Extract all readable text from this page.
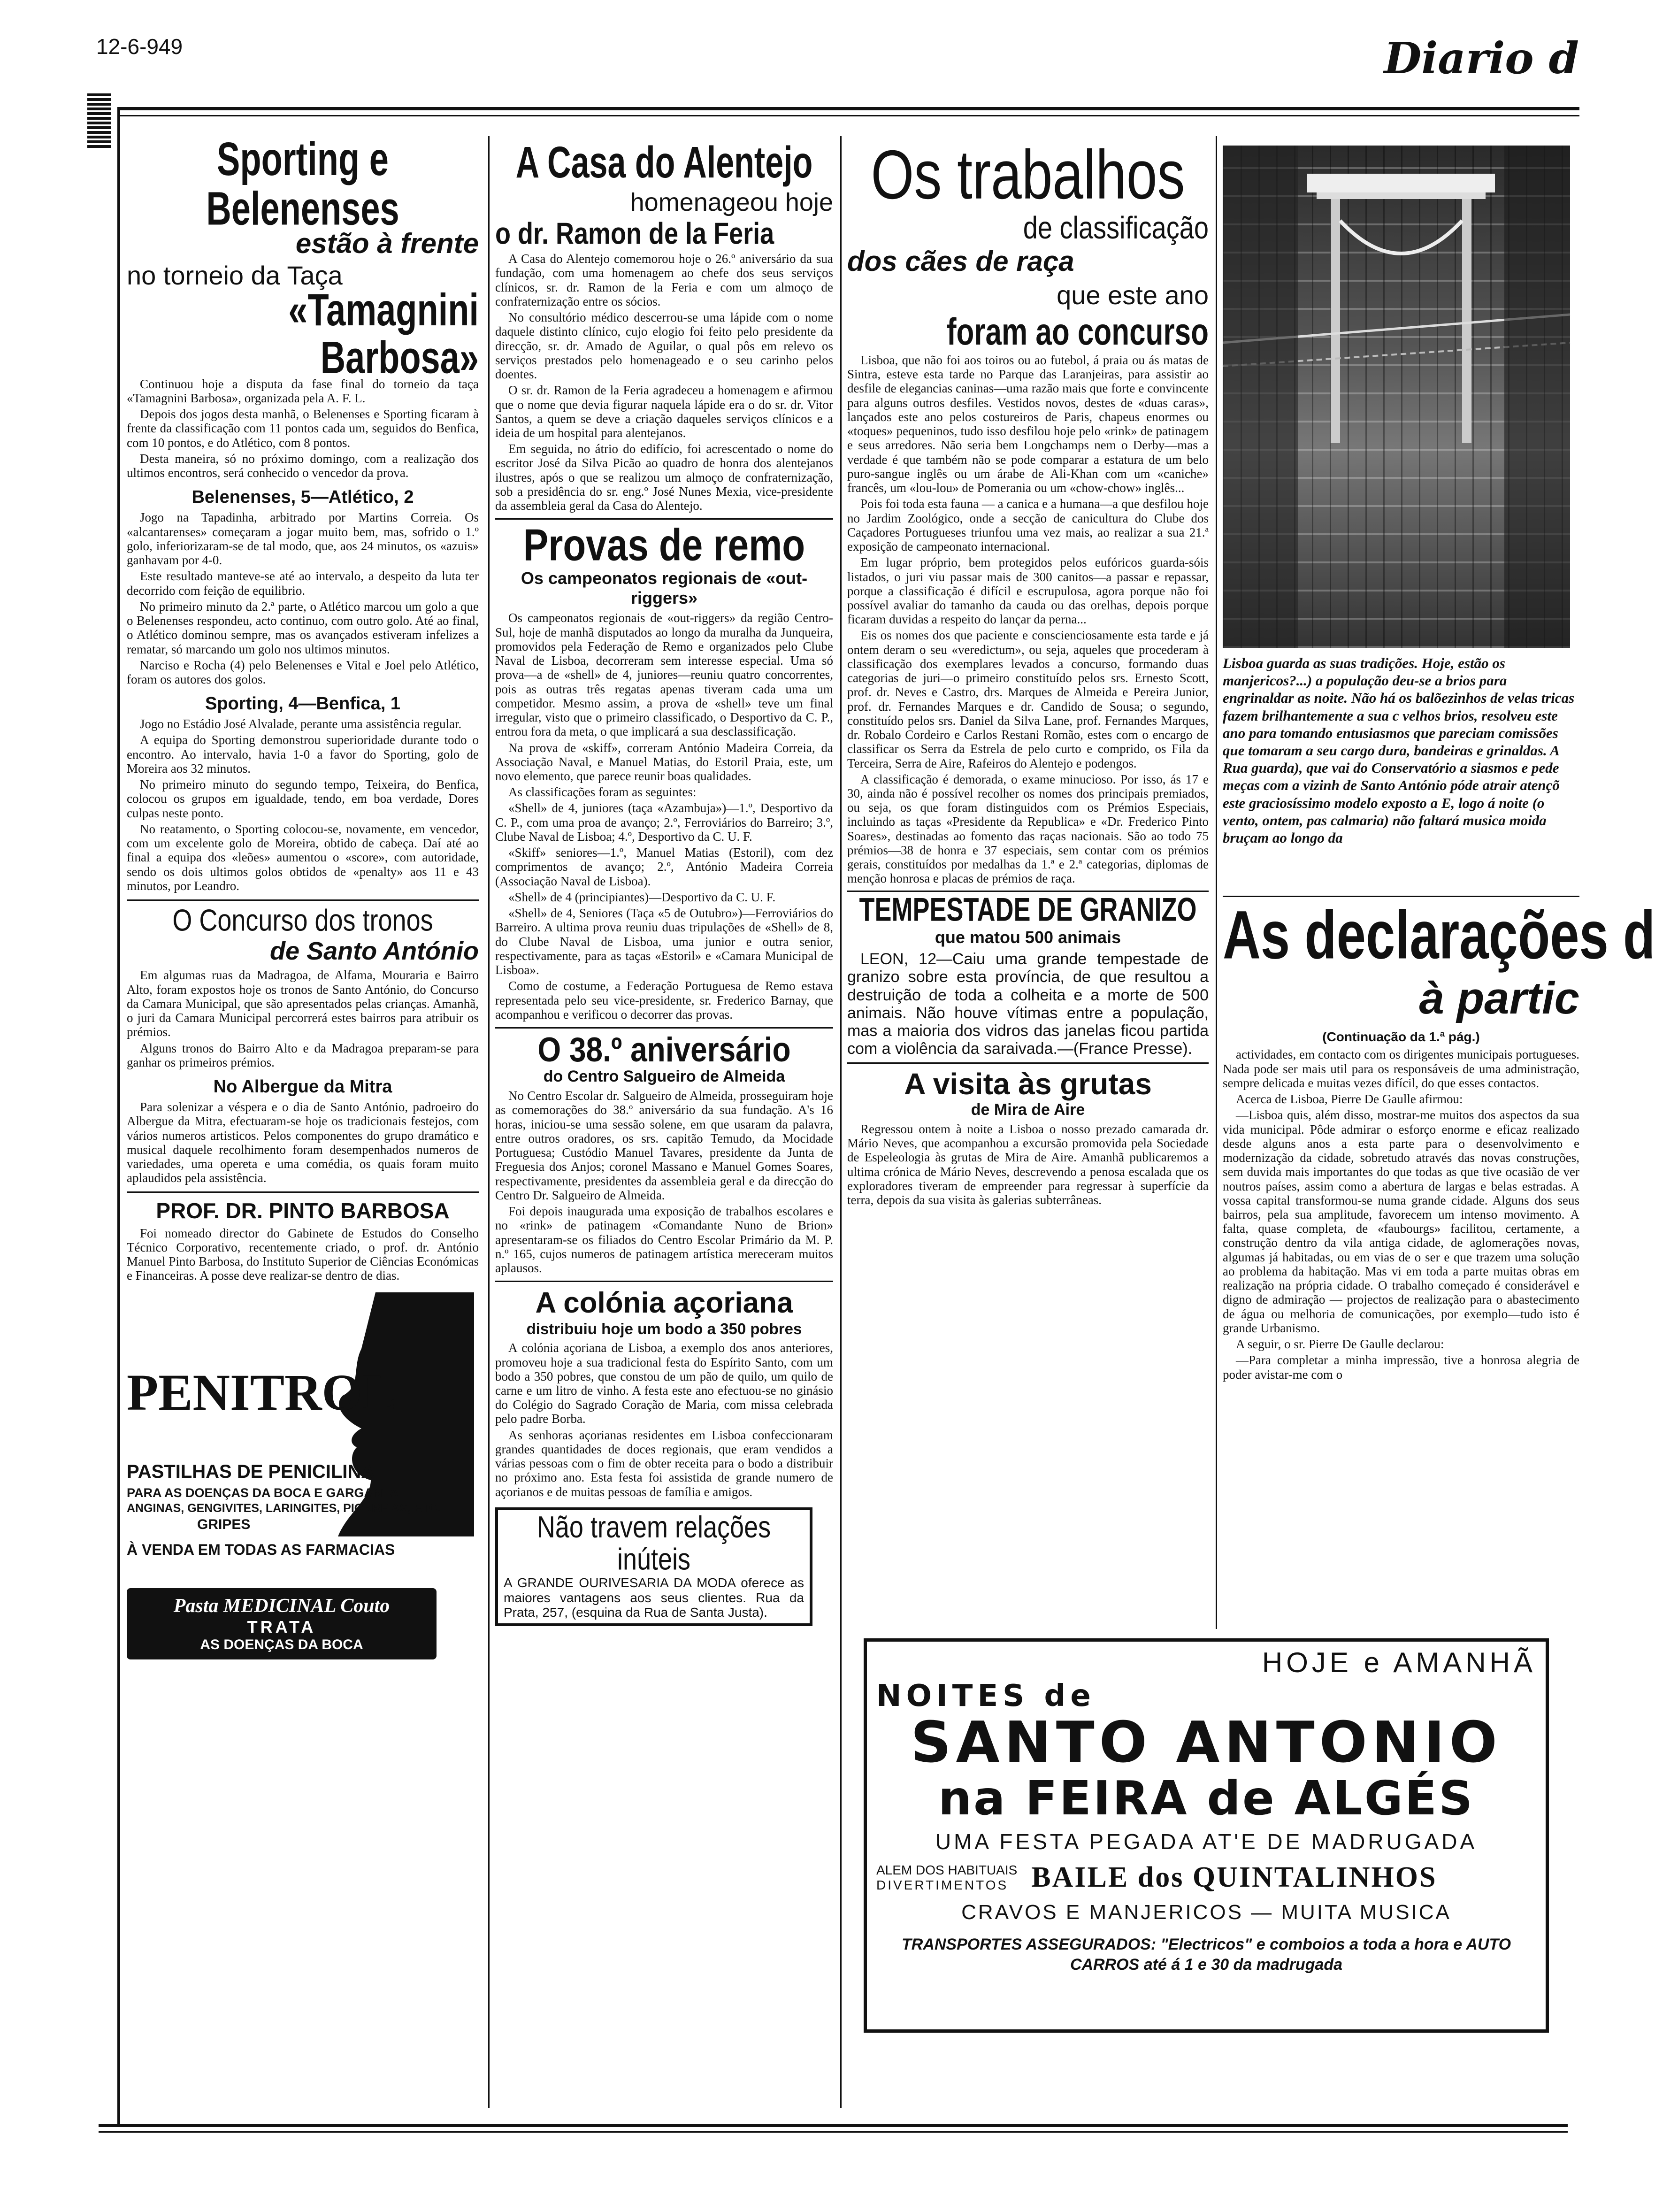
12-6-949	Diario d
Sporting e Belenenses
estão à frente
no torneio da Taça
«Tamagnini Barbosa»

Continuou hoje a disputa da fase final do torneio da taça «Tamagnini Barbosa», organizada pela A. F. L.

Depois dos jogos desta manhã, o Belenenses e Sporting ficaram à frente da classificação com 11 pontos cada um, seguidos do Benfica, com 10 pontos, e do Atlético, com 8 pontos.

Desta maneira, só no próximo domingo, com a realização dos ultimos encontros, será conhecido o vencedor da prova.

Belenenses, 5—Atlético, 2

Jogo na Tapadinha, arbitrado por Martins Correia. Os «alcantarenses» começaram a jogar muito bem, mas, sofrido o 1.º golo, inferiorizaram-se de tal modo, que, aos 24 minutos, os «azuis» ganhavam por 4-0.

Este resultado manteve-se até ao intervalo, a despeito da luta ter decorrido com feição de equilibrio.

No primeiro minuto da 2.ª parte, o Atlético marcou um golo a que o Belenenses respondeu, acto continuo, com outro golo. Até ao final, o Atlético dominou sempre, mas os avançados estiveram infelizes a rematar, só marcando um golo nos ultimos minutos.

Narciso e Rocha (4) pelo Belenenses e Vital e Joel pelo Atlético, foram os autores dos golos.

Sporting, 4—Benfica, 1

Jogo no Estádio José Alvalade, perante uma assistência regular.

A equipa do Sporting demonstrou superioridade durante todo o encontro. Ao intervalo, havia 1-0 a favor do Sporting, golo de Moreira aos 32 minutos.

No primeiro minuto do segundo tempo, Teixeira, do Benfica, colocou os grupos em igualdade, tendo, em boa verdade, Dores culpas neste ponto.

No reatamento, o Sporting colocou-se, novamente, em vencedor, com um excelente golo de Moreira, obtido de cabeça. Daí até ao final a equipa dos «leões» aumentou o «score», com autoridade, sendo os dois ultimos golos obtidos de «penalty» aos 11 e 43 minutos, por Leandro.

O Concurso dos tronos
de Santo António

Em algumas ruas da Madragoa, de Alfama, Mouraria e Bairro Alto, foram expostos hoje os tronos de Santo António, do Concurso da Camara Municipal, que são apresentados pelas crianças. Amanhã, o juri da Camara Municipal percorrerá estes bairros para atribuir os prémios.

Alguns tronos do Bairro Alto e da Madragoa preparam-se para ganhar os primeiros prémios.

No Albergue da Mitra

Para solenizar a véspera e o dia de Santo António, padroeiro do Albergue da Mitra, efectuaram-se hoje os tradicionais festejos, com vários numeros artisticos. Pelos componentes do grupo dramático e musical daquele recolhimento foram desempenhados numeros de variedades, uma opereta e uma comédia, os quais foram muito aplaudidos pela assistência.

PROF. DR. PINTO BARBOSA

Foi nomeado director do Gabinete de Estudos do Conselho Técnico Corporativo, recentemente criado, o prof. dr. António Manuel Pinto Barbosa, do Instituto Superior de Ciências Económicas e Financeiras. A posse deve realizar-se dentro de dias.

PENITROL
PASTILHAS DE PENICILINA
PARA AS DOENÇAS DA BOCA E GARGANTA
ANGINAS, GENGIVITES, LARINGITES, PIORREIAS, ETC.
GRIPES
À VENDA EM TODAS AS FARMACIAS
Pasta MEDICINAL Couto
TRATA
AS DOENÇAS DA BOCA
A Casa do Alentejo
homenageou hoje
o dr. Ramon de la Feria

A Casa do Alentejo comemorou hoje o 26.º aniversário da sua fundação, com uma homenagem ao chefe dos seus serviços clínicos, sr. dr. Ramon de la Feria e com um almoço de confraternização entre os sócios.

No consultório médico descerrou-se uma lápide com o nome daquele distinto clínico, cujo elogio foi feito pelo presidente da direcção, sr. dr. Amado de Aguilar, o qual pôs em relevo os serviços prestados pelo homenageado e o seu carinho pelos doentes.

O sr. dr. Ramon de la Feria agradeceu a homenagem e afirmou que o nome que devia figurar naquela lápide era o do sr. dr. Vitor Santos, a quem se deve a criação daqueles serviços clínicos e a ideia de um hospital para alentejanos.

Em seguida, no átrio do edifício, foi acrescentado o nome do escritor José da Silva Picão ao quadro de honra dos alentejanos ilustres, após o que se realizou um almoço de confraternização, sob a presidência do sr. eng.º José Nunes Mexia, vice-presidente da assembleia geral da Casa do Alentejo.

Provas de remo
Os campeonatos regionais de «out-riggers»

Os campeonatos regionais de «out-riggers» da região Centro-Sul, hoje de manhã disputados ao longo da muralha da Junqueira, promovidos pela Federação de Remo e organizados pelo Clube Naval de Lisboa, decorreram sem interesse especial. Uma só prova—a de «shell» de 4, juniores—reuniu quatro concorrentes, pois as outras três regatas apenas tiveram cada uma um competidor. Mesmo assim, a prova de «shell» teve um final irregular, visto que o primeiro classificado, o Desportivo da C. P., entrou fora da meta, o que implicará a sua desclassificação.

Na prova de «skiff», correram António Madeira Correia, da Associação Naval, e Manuel Matias, do Estoril Praia, este, um novo elemento, que parece reunir boas qualidades.

As classificações foram as seguintes:

«Shell» de 4, juniores (taça «Azambuja»)—1.º, Desportivo da C. P., com uma proa de avanço; 2.º, Ferroviários do Barreiro; 3.º, Clube Naval de Lisboa; 4.º, Desportivo da C. U. F.

«Skiff» seniores—1.º, Manuel Matias (Estoril), com dez comprimentos de avanço; 2.º, António Madeira Correia (Associação Naval de Lisboa).

«Shell» de 4 (principiantes)—Desportivo da C. U. F.

«Shell» de 4, Seniores (Taça «5 de Outubro»)—Ferroviários do Barreiro. A ultima prova reuniu duas tripulações de «Shell» de 8, do Clube Naval de Lisboa, uma junior e outra senior, respectivamente, para as taças «Estoril» e «Camara Municipal de Lisboa».

Como de costume, a Federação Portuguesa de Remo estava representada pelo seu vice-presidente, sr. Frederico Barnay, que acompanhou e verificou o decorrer das provas.

O 38.º aniversário
do Centro Salgueiro de Almeida

No Centro Escolar dr. Salgueiro de Almeida, prosseguiram hoje as comemorações do 38.º aniversário da sua fundação. A's 16 horas, iniciou-se uma sessão solene, em que usaram da palavra, entre outros oradores, os srs. capitão Temudo, da Mocidade Portuguesa; Custódio Manuel Tavares, presidente da Junta de Freguesia dos Anjos; coronel Massano e Manuel Gomes Soares, respectivamente, presidentes da assembleia geral e da direcção do Centro Dr. Salgueiro de Almeida.

Foi depois inaugurada uma exposição de trabalhos escolares e no «rink» de patinagem «Comandante Nuno de Brion» apresentaram-se os filiados do Centro Escolar Primário da M. P. n.º 165, cujos numeros de patinagem artística mereceram muitos aplausos.

A colónia açoriana
distribuiu hoje um bodo a 350 pobres

A colónia açoriana de Lisboa, a exemplo dos anos anteriores, promoveu hoje a sua tradicional festa do Espírito Santo, com um bodo a 350 pobres, que constou de um pão de quilo, um quilo de carne e um litro de vinho. A festa este ano efectuou-se no ginásio do Colégio do Sagrado Coração de Maria, com missa celebrada pelo padre Borba.

As senhoras açorianas residentes em Lisboa confeccionaram grandes quantidades de doces regionais, que eram vendidos a várias pessoas com o fim de obter receita para o bodo a distribuir no próximo ano. Esta festa foi assistida de grande numero de açorianos e de muitas pessoas de família e amigos.

Não travem relações inúteis
A GRANDE OURIVESARIA DA MODA oferece as maiores vantagens aos seus clientes. Rua da Prata, 257, (esquina da Rua de Santa Justa).
Os trabalhos
de classificação
dos cães de raça
que este ano
foram ao concurso

Lisboa, que não foi aos toiros ou ao futebol, á praia ou ás matas de Sintra, esteve esta tarde no Parque das Laranjeiras, para assistir ao desfile de elegancias caninas—uma razão mais que forte e convincente para alguns outros desfiles. Vestidos novos, destes de «duas caras», lançados este ano pelos costureiros de Paris, chapeus enormes ou «toques» pequeninos, tudo isso desfilou hoje pelo «rink» de patinagem e seus arredores. Não seria bem Longchamps nem o Derby—mas a verdade é que também não se pode comparar a estatura de um belo puro-sangue inglês ou um árabe de Ali-Khan com um «caniche» francês, um «lou-lou» de Pomerania ou um «chow-chow» inglês...

Pois foi toda esta fauna — a canica e a humana—a que desfilou hoje no Jardim Zoológico, onde a secção de canicultura do Clube dos Caçadores Portugueses triunfou uma vez mais, ao realizar a sua 21.ª exposição de campeonato internacional.

Em lugar próprio, bem protegidos pelos eufóricos guarda-sóis listados, o juri viu passar mais de 300 canitos—a passar e repassar, porque a classificação é difícil e escrupulosa, agora porque não foi possível avaliar do tamanho da cauda ou das orelhas, depois porque ficaram duvidas a respeito do lançar da perna...

Eis os nomes dos que paciente e conscienciosamente esta tarde e já ontem deram o seu «veredictum», ou seja, aqueles que procederam à classificação dos exemplares levados a concurso, formando duas categorias de juri—o primeiro constituído pelos srs. Ernesto Scott, prof. dr. Neves e Castro, drs. Marques de Almeida e Pereira Junior, prof. dr. Fernandes Marques e dr. Candido de Sousa; o segundo, constituído pelos srs. Daniel da Silva Lane, prof. Fernandes Marques, dr. Robalo Cordeiro e Carlos Restani Romão, estes com o encargo de classificar os Serra da Estrela de pelo curto e comprido, os Fila da Terceira, Serra de Aire, Rafeiros do Alentejo e podengos.

A classificação é demorada, o exame minucioso. Por isso, ás 17 e 30, ainda não é possível recolher os nomes dos principais premiados, ou seja, os que foram distinguidos com os Prémios Especiais, incluindo as taças «Presidente da Republica» e «Dr. Frederico Pinto Soares», destinadas ao fomento das raças nacionais. São ao todo 75 prémios—38 de honra e 37 especiais, sem contar com os prémios gerais, constituídos por medalhas da 1.ª e 2.ª categorias, diplomas de menção honrosa e placas de prémios de raça.

TEMPESTADE DE GRANIZO
que matou 500 animais

LEON, 12—Caiu uma grande tempestade de granizo sobre esta província, de que resultou a destruição de toda a colheita e a morte de 500 animais. Não houve vítimas entre a população, mas a maioria dos vidros das janelas ficou partida com a violência da saraivada.—(France Presse).

A visita às grutas
de Mira de Aire

Regressou ontem à noite a Lisboa o nosso prezado camarada dr. Mário Neves, que acompanhou a excursão promovida pela Sociedade de Espeleologia às grutas de Mira de Aire. Amanhã publicaremos a ultima crónica de Mário Neves, descrevendo a penosa escalada que os exploradores tiveram de empreender para regressar à superfície da terra, depois da sua visita às galerias subterrâneas.

Lisboa guarda as suas tradições. Hoje, estão os manjericos?...) a população deu-se a brios para engrinaldar as noite. Não há os balõezinhos de velas tricas fazem brilhantemente a sua c velhos brios, resolveu este ano para tomando entusiasmos que pareciam comissões que tomaram a seu cargo dura, bandeiras e grinaldas. A Rua guarda), que vai do Conservatório a siasmos e pede meças com a vizinh de Santo António póde atrair atençõ este graciosíssimo modelo exposto a E, logo á noite (o vento, ontem, pas calmaria) não faltará musica moida bruçam ao longo da
As declarações d
à partic
(Continuação da 1.ª pág.)

actividades, em contacto com os dirigentes municipais portugueses. Nada pode ser mais util para os responsáveis de uma administração, sempre delicada e muitas vezes difícil, do que esses contactos.

Acerca de Lisboa, Pierre De Gaulle afirmou:

—Lisboa quis, além disso, mostrar-me muitos dos aspectos da sua vida municipal. Pôde admirar o esforço enorme e eficaz realizado desde alguns anos a esta parte para o desenvolvimento e modernização da cidade, sobretudo através das novas construções, sem duvida mais importantes do que todas as que tive ocasião de ver noutros países, assim como a abertura de largas e belas estradas. A vossa capital transformou-se numa grande cidade. Alguns dos seus bairros, pela sua amplitude, favorecem um intenso movimento. A falta, quase completa, de «faubourgs» facilitou, certamente, a construção dentro da vila antiga cidade, de aglomerações novas, algumas já habitadas, ou em vias de o ser e que trazem uma solução ao problema da habitação. Mas vi em toda a parte muitas obras em realização na própria cidade. O trabalho começado é considerável e digno de admiração — projectos de realização para o abastecimento de água ou melhoria de comunicações, por exemplo—tudo isto é grande Urbanismo.

A seguir, o sr. Pierre De Gaulle declarou:

—Para completar a minha impressão, tive a honrosa alegria de poder avistar-me com o

HOJE e AMANHÃ
NOITES de
SANTO ANTONIO
na FEIRA de ALGÉS
UMA FESTA PEGADA AT'E DE MADRUGADA
ALEM DOS HABITUAIS
DIVERTIMENTOS BAILE dos QUINTALINHOS
CRAVOS E MANJERICOS — MUITA MUSICA
TRANSPORTES ASSEGURADOS: "Electricos" e comboios a toda a hora e AUTO CARROS até á 1 e 30 da madrugada
